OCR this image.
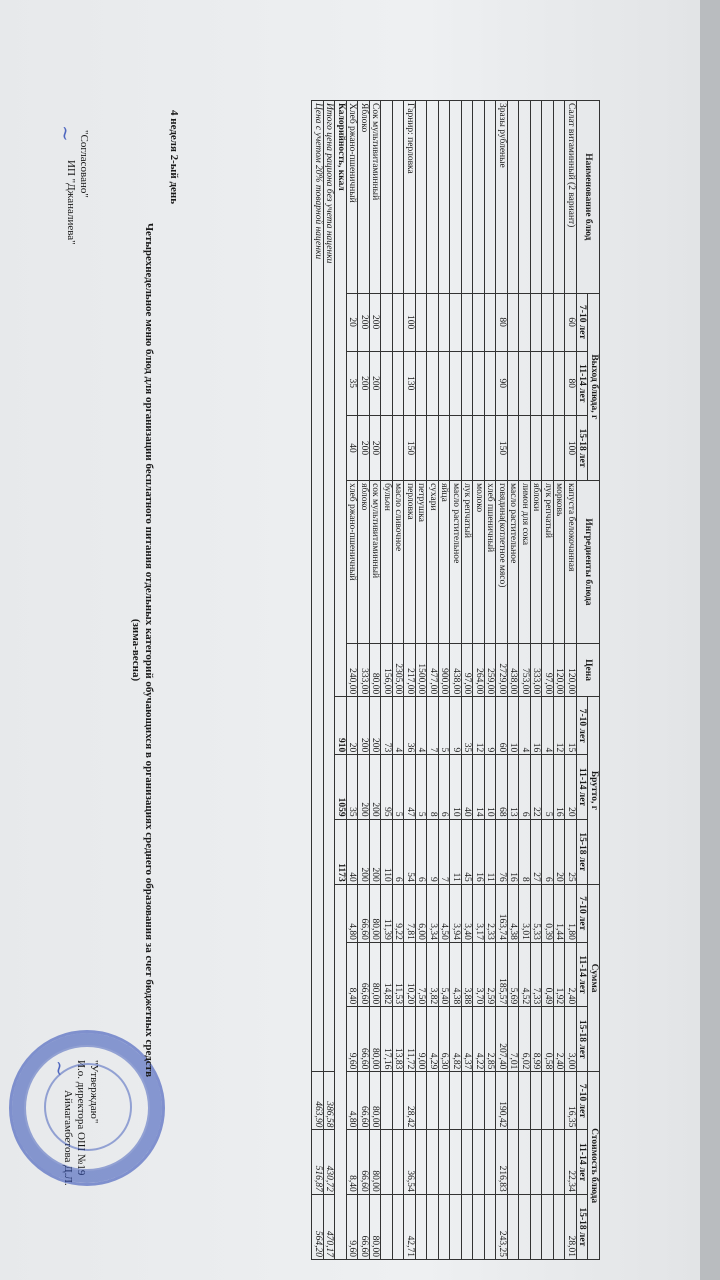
"Согласовано"
ИП "Джаналиева"
~
"Утверждаю"
И.о. директора ОШ №19
Аймагамбетова Д.Л.
~	Четырехнедельное меню блюд для организации бесплатного питания отдельных категорий обучающихся в организациях среднего образования за счет бюджетных средств
(зима-весна)
4 неделя 2-ый день	Наименование блюд	Выход блюда, г			Ингредиенты блюда	Цена	Брутто, г			Сумма			Стоимость блюда		
	7-10 лет	11-14 лет	15-18 лет			7-10 лет	11-14 лет	15-18 лет	7-10 лет	11-14 лет	15-18 лет	7-10 лет	11-14 лет	15-18 лет
Салат витаминный (2 вариант)	60	80	100	капуста белокочанная	120,00	15	20	25	1,80	2,40	3,00	16,35	22,34	28,01
				морковь	120,00	12	16	20	1,44	1,92	2,40			
				лук репчатый	97,00	4	5	6	0,39	0,49	0,58			
				яблоки	333,00	16	22	27	5,33	7,33	8,99			
				лимон для сока	753,00	4	6	8	3,01	4,52	6,02			
				масло растительное	438,00	10	13	16	4,38	5,69	7,01			
Зразы рубленые	80	90	150	говядина(котлетное мясо)	2729,00	60	68	76	163,74	185,57	207,40	190,42	216,83	243,25
				хлеб пшеничный	259,00	9	10	11	2,33	2,59	2,85			
				молоко	264,00	12	14	16	3,17	3,70	4,22			
				лук репчатый	97,00	35	40	45	3,40	3,88	4,37			
				масло растительное	438,00	9	10	11	3,94	4,38	4,82			
				яйца	900,00	5	6	7	4,50	5,40	6,30			
				сухари	477,00	7	8	9	3,34	3,82	4,29			
				петрушка	1500,00	4	5	6	6,00	7,50	9,00			
Гарнир: перловка	100	130	150	перловка	217,00	36	47	54	7,81	10,20	11,72	28,42	36,54	42,71
				масло сливочное	2305,00	4	5	6	9,22	11,53	13,83			
				бульон	156,00	73	95	110	11,39	14,82	17,16			
Сок мультивитаминный	200	200	200	сок мультивитаминный	80,00	200	200	200	80,00	80,00	80,00	80,00	80,00	80,00
Яблоко	200	200	200	яблоко	333,00	200	200	200	66,60	66,60	66,60	66,60	66,60	66,60
Хлеб ржано-пшеничный	20	35	40	хлеб ржано-пшеничный	240,00	20	35	40	4,80	8,40	9,60	4,80	8,40	9,60
Калорийность, ккал						910	1059	1173						
Итого цена рациона без учета наценки												386,58	430,72	470,17
Цена с учетом 20% товарной наценки												463,90	516,87	564,20
